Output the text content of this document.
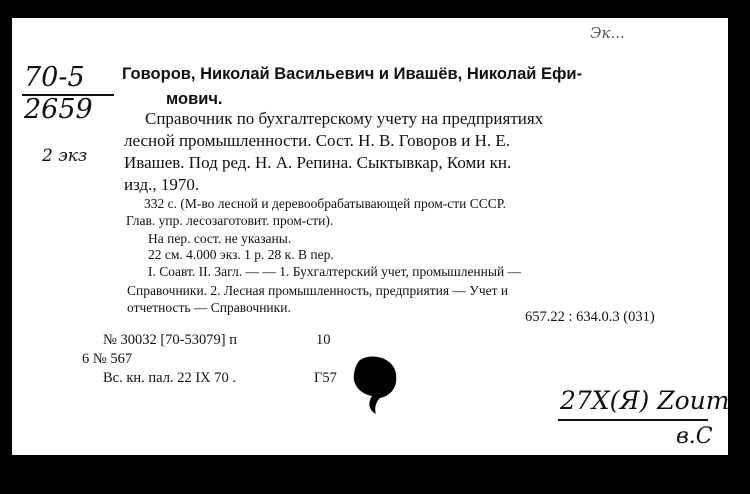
70-5
2659
2 экз
Эк...
Говоров, Николай Васильевич и Ивашёв, Николай Ефи-
мович.
Справочник по бухгалтерскому учету на предприятиях
лесной промышленности. Сост. Н. В. Говоров и Н. Е.
Ивашев. Под ред. Н. А. Репина. Сыктывкар, Коми кн.
изд., 1970.
332 с. (М-во лесной и деревообрабатывающей пром-сти СССР.
Глав. упр. лесозаготовит. пром-сти).
На пер. сост. не указаны.
22 см. 4.000 экз. 1 р. 28 к. В пер.
I. Соавт. II. Загл. — — 1. Бухгалтерский учет, промышленный —
Справочники. 2. Лесная промышленность, предприятия — Учет и
отчетность — Справочники.
657.22 : 634.0.3 (031)
№ 30032 [70-53079] п	10
6 № 567
Вс. кн. пал. 22 IX 70 .	Г57
27Х(Я) Zoum
в.С
